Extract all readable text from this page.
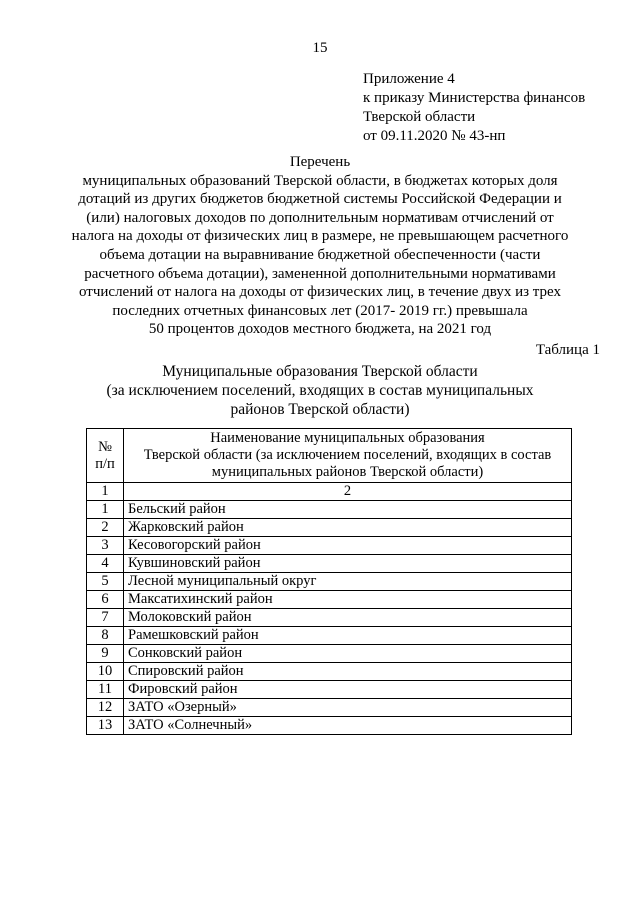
15
Приложение 4
к приказу Министерства финансов
Тверской области
от 09.11.2020 № 43-нп
Перечень
муниципальных образований Тверской области, в бюджетах которых доля
дотаций из других бюджетов бюджетной системы Российской Федерации и
(или) налоговых доходов по дополнительным нормативам отчислений от
налога на доходы от физических лиц в размере, не превышающем расчетного
объема дотации на выравнивание бюджетной обеспеченности (части
расчетного объема дотации), замененной дополнительными нормативами
отчислений от налога на доходы от физических лиц, в течение двух из трех
последних отчетных финансовых лет (2017- 2019 гг.) превышала
50 процентов доходов местного бюджета, на 2021 год
Таблица 1
Муниципальные образования Тверской области
(за исключением поселений, входящих в состав муниципальных
районов Тверской области)
№ п/п	Наименование муниципальных образования
Тверской области (за исключением поселений, входящих в состав
муниципальных районов Тверской области)

1	2
1	Бельский район
2	Жарковский район
3	Кесовогорский район
4	Кувшиновский район
5	Лесной муниципальный округ
6	Максатихинский район
7	Молоковский район
8	Рамешковский район
9	Сонковский район
10	Спировский район
11	Фировский район
12	ЗАТО «Озерный»
13	ЗАТО «Солнечный»
